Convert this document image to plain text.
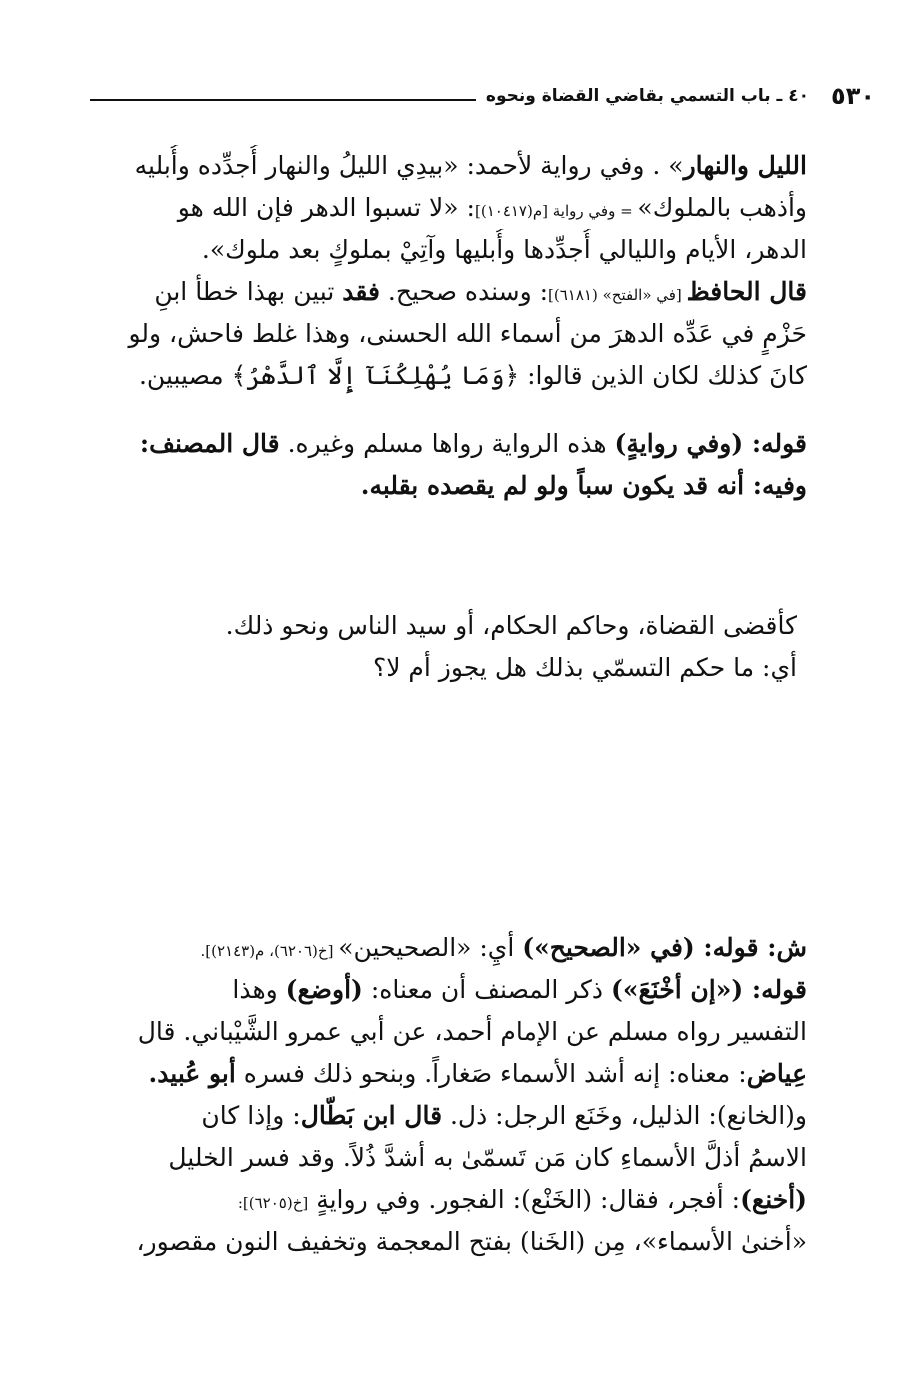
٥٣٠
٤٠ ـ باب التسمي بقاضي القضاة ونحوه
الليل والنهار» . وفي رواية لأحمد: «بيدِي الليلُ والنهار أُجدِّده وأُبليه
وأذهب بالملوك» = وفي رواية [م(١٠٤١٧)]: «لا تسبوا الدهر فإن الله هو
الدهر، الأيام والليالي أُجدِّدها وأُبليها وآتِيْ بملوكٍ بعد ملوك».
قال الحافظ [في «الفتح» (٦١٨١)]: وسنده صحيح. فقد تبين بهذا خطأ ابنِ
حَزْمٍ في عَدِّه الدهرَ من أسماء الله الحسنى، وهذا غلط فاحش، ولو
كانَ كذلك لكان الذين قالوا: ﴿وَمَا يُهْلِكُنَآ إِلَّا ٱلدَّهْرُ﴾ مصيبين.
قوله: (وفي روايةٍ) هذه الرواية رواها مسلم وغيره. قال المصنف:
وفيه: أنه قد يكون سباً ولو لم يقصده بقلبه.
كأقضى القضاة، وحاكم الحكام، أو سيد الناس ونحو ذلك.
أي: ما حكم التسمّي بذلك هل يجوز أم لا؟
ش: قوله: (في «الصحيح») أيِ: «الصحيحين» [خ(٦٢٠٦)، م(٢١٤٣)].
قوله: («إن أخْنَعَ») ذكر المصنف أن معناه: (أوضع) وهذا
التفسير رواه مسلم عن الإمام أحمد، عن أبي عمرو الشَّيْباني. قال
عِياض: معناه: إنه أشد الأسماء صَغاراً. وبنحو ذلك فسره أبو عُبيد.
و(الخانع): الذليل، وخَنَع الرجل: ذل. قال ابن بَطّال: وإذا كان
الاسمُ أذلَّ الأسماءِ كان مَن تَسمّىٰ به أشدَّ ذُلاً. وقد فسر الخليل
(أخنع): أفجر، فقال: (الخَنْع): الفجور. وفي روايةٍ [خ(٦٢٠٥)]:
«أخنىٰ الأسماء»، مِن (الخَنا) بفتح المعجمة وتخفيف النون مقصور،
